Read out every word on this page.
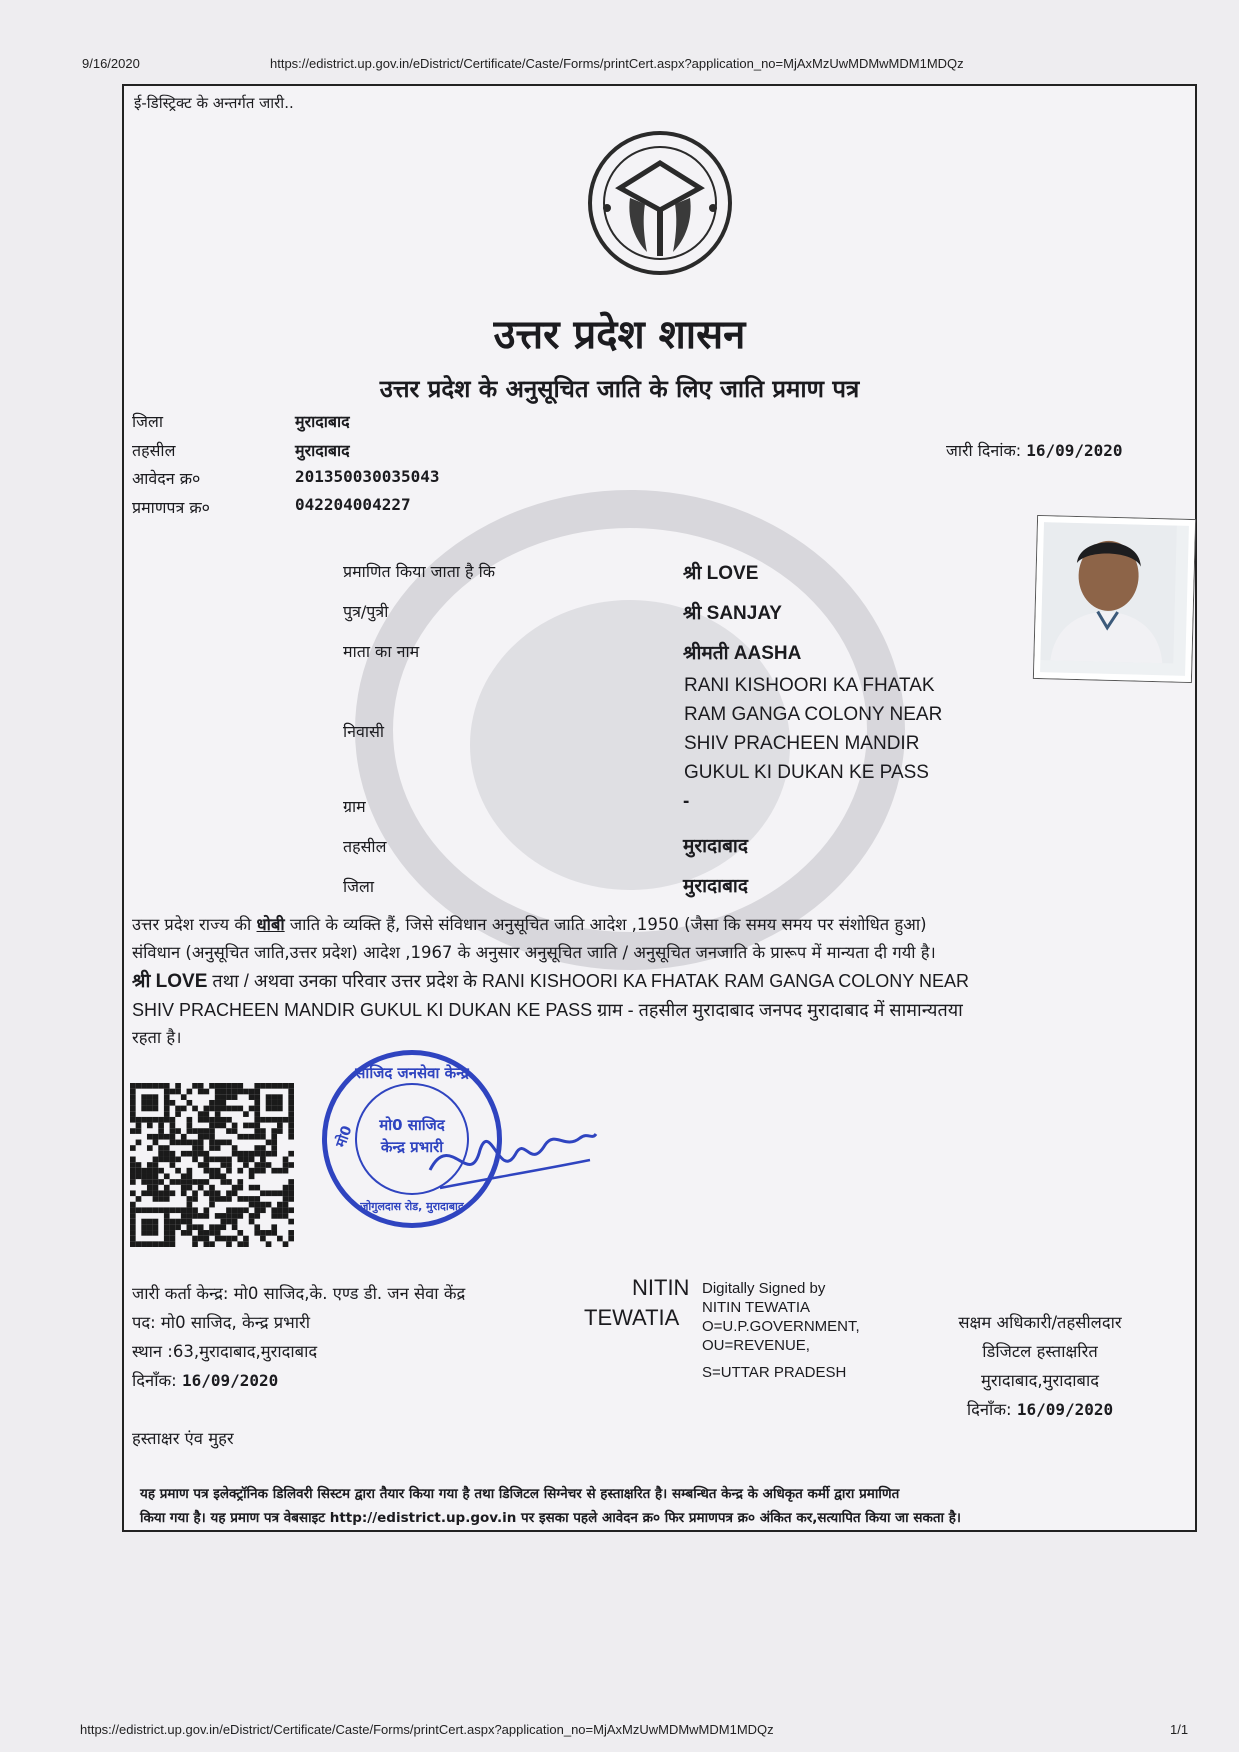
9/16/2020	https://edistrict.up.gov.in/eDistrict/Certificate/Caste/Forms/printCert.aspx?application_no=MjAxMzUwMDMwMDM1MDQz
ई-डिस्ट्रिक्ट के अन्तर्गत जारी..
उत्तर प्रदेश शासन
उत्तर प्रदेश के अनुसूचित जाति के लिए जाति प्रमाण पत्र
जिला	मुरादाबाद
तहसील	मुरादाबाद
आवेदन क्र०	201350030035043
प्रमाणपत्र क्र०	042204004227
जारी दिनांक: 16/09/2020
प्रमाणित किया जाता है कि	श्री LOVE
पुत्र/पुत्री	श्री SANJAY
माता का नाम	श्रीमती AASHA
निवासी
RANI KISHOORI KA FHATAK
RAM GANGA COLONY NEAR
SHIV PRACHEEN MANDIR
GUKUL KI DUKAN KE PASS
ग्राम	-
तहसील	मुरादाबाद
जिला	मुरादाबाद
उत्तर प्रदेश राज्य की धोबी जाति के व्यक्ति हैं, जिसे संविधान अनुसूचित जाति आदेश ,1950 (जैसा कि समय समय पर संशोधित हुआ)
संविधान (अनुसूचित जाति,उत्तर प्रदेश) आदेश ,1967 के अनुसार अनुसूचित जाति / अनुसूचित जनजाति के प्रारूप में मान्यता दी गयी है।
श्री LOVE तथा / अथवा उनका परिवार उत्तर प्रदेश के RANI KISHOORI KA FHATAK RAM GANGA COLONY NEAR
SHIV PRACHEEN MANDIR GUKUL KI DUKAN KE PASS ग्राम - तहसील मुरादाबाद जनपद मुरादाबाद में सामान्यतया
रहता है।
साजिद जनसेवा केन्द्र
मो0	मो0 साजिद
केन्द्र प्रभारी
जोगुलदास रोड, मुरादाबाद
जारी कर्ता केन्द्र: मो0 साजिद,के. एण्ड डी. जन सेवा केंद्र
पद: मो0 साजिद, केन्द्र प्रभारी
स्थान :63,मुरादाबाद,मुरादाबाद
दिनाँक: 16/09/2020
हस्ताक्षर एंव मुहर
NITIN
TEWATIA
Digitally Signed by
NITIN TEWATIA
O=U.P.GOVERNMENT,
OU=REVENUE,
S=UTTAR PRADESH
सक्षम अधिकारी/तहसीलदार
डिजिटल हस्ताक्षरित
मुरादाबाद,मुरादाबाद
दिनाँक: 16/09/2020
यह प्रमाण पत्र इलेक्ट्रॉनिक डिलिवरी सिस्टम द्वारा तैयार किया गया है तथा डिजिटल सिग्नेचर से हस्ताक्षरित है। सम्बन्धित केन्द्र के अधिकृत कर्मी द्वारा प्रमाणित
किया गया है। यह प्रमाण पत्र वेबसाइट http://edistrict.up.gov.in पर इसका पहले आवेदन क्र० फिर प्रमाणपत्र क्र० अंकित कर,सत्यापित किया जा सकता है।
https://edistrict.up.gov.in/eDistrict/Certificate/Caste/Forms/printCert.aspx?application_no=MjAxMzUwMDMwMDM1MDQz	1/1
